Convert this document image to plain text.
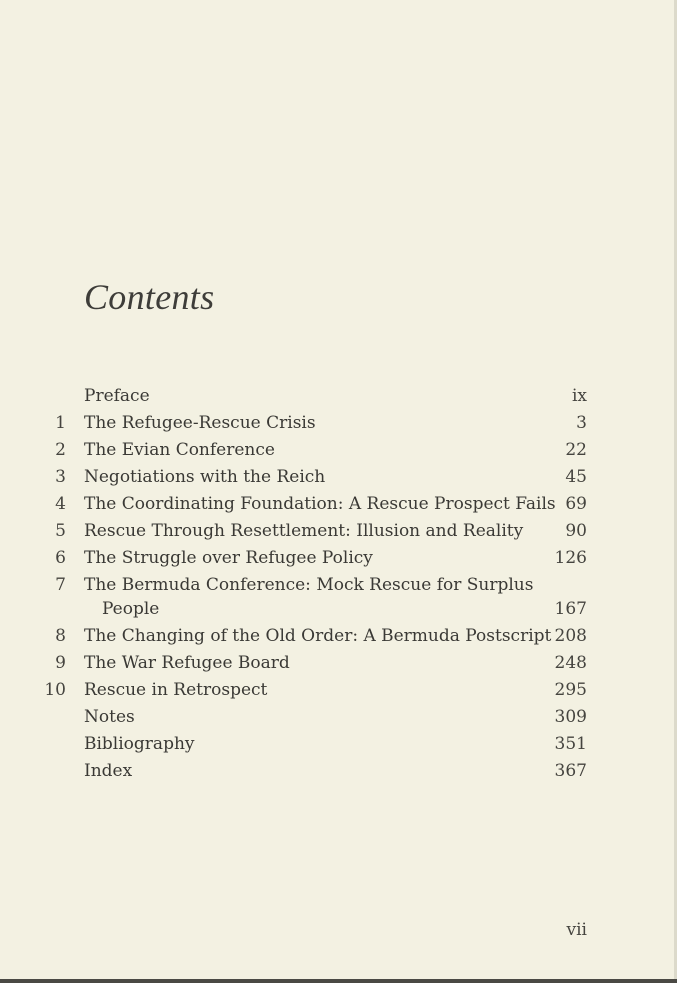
Contents
Preface	ix
1 The Refugee-Rescue Crisis	3
2 The Evian Conference	22
3 Negotiations with the Reich	45
4 The Coordinating Foundation: A Rescue Prospect Fails 69
5 Rescue Through Resettlement: Illusion and Reality 90
6 The Struggle over Refugee Policy	126
7 The Bermuda Conference: Mock Rescue for Surplus
People	167
8 The Changing of the Old Order: A Bermuda Postscript 208
9 The War Refugee Board	248
10 Rescue in Retrospect	295
Notes	309
Bibliography	351
Index	367
vii
